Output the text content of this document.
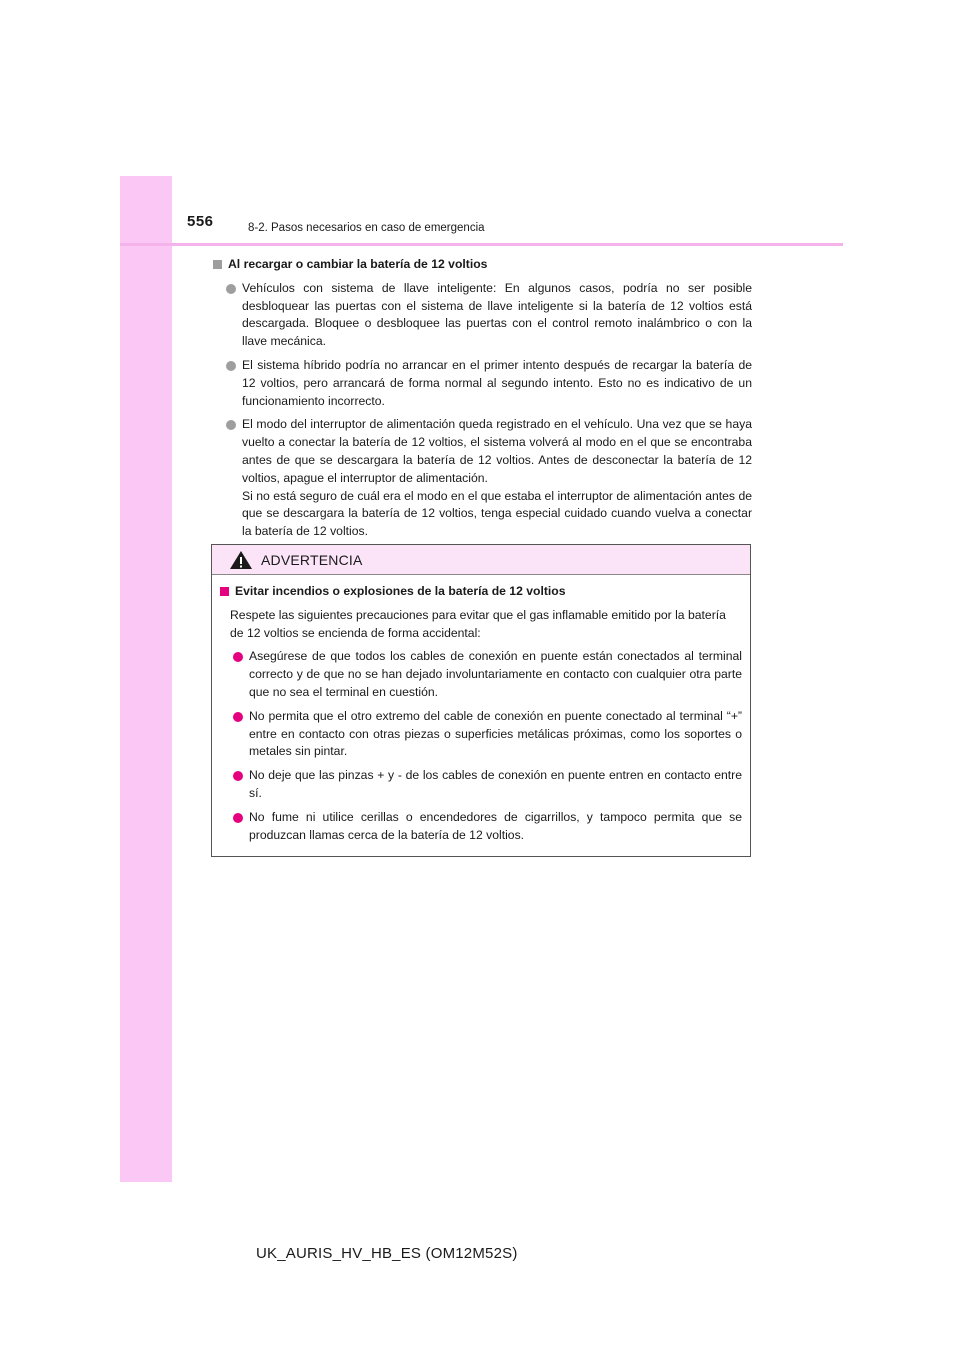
556	8-2. Pasos necesarios en caso de emergencia
Al recargar o cambiar la batería de 12 voltios
Vehículos con sistema de llave inteligente: En algunos casos, podría no ser posible desbloquear las puertas con el sistema de llave inteligente si la batería de 12 voltios está descargada. Bloquee o desbloquee las puertas con el control remoto inalámbrico o con la llave mecánica.
El sistema híbrido podría no arrancar en el primer intento después de recargar la batería de 12 voltios, pero arrancará de forma normal al segundo intento. Esto no es indicativo de un funcionamiento incorrecto.
El modo del interruptor de alimentación queda registrado en el vehículo. Una vez que se haya vuelto a conectar la batería de 12 voltios, el sistema volverá al modo en el que se encontraba antes de que se descargara la batería de 12 voltios. Antes de desconectar la batería de 12 voltios, apague el interruptor de alimentación.
Si no está seguro de cuál era el modo en el que estaba el interruptor de alimentación antes de que se descargara la batería de 12 voltios, tenga especial cuidado cuando vuelva a conectar la batería de 12 voltios.
ADVERTENCIA
Evitar incendios o explosiones de la batería de 12 voltios
Respete las siguientes precauciones para evitar que el gas inflamable emitido por la batería de 12 voltios se encienda de forma accidental:
Asegúrese de que todos los cables de conexión en puente están conectados al terminal correcto y de que no se han dejado involuntariamente en contacto con cualquier otra parte que no sea el terminal en cuestión.
No permita que el otro extremo del cable de conexión en puente conectado al terminal “+” entre en contacto con otras piezas o superficies metálicas próximas, como los soportes o metales sin pintar.
No deje que las pinzas + y - de los cables de conexión en puente entren en contacto entre sí.
No fume ni utilice cerillas o encendedores de cigarrillos, y tampoco permita que se produzcan llamas cerca de la batería de 12 voltios.
UK_AURIS_HV_HB_ES (OM12M52S)
